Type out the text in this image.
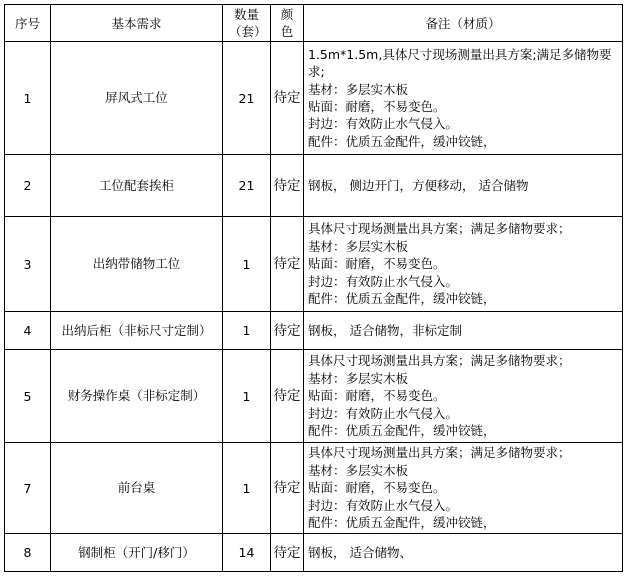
序号	基本需求	数量（套）	颜色	备注（材质）
1	屏风式工位	21	待定	1.5m*1.5m,具体尺寸现场测量出具方案;满足多储物要求;
基材：多层实木板
贴面：耐磨，不易变色。
封边：有效防止水气侵入。
配件：优质五金配件，缓冲铰链，

2	工位配套挨柜	21	待定	钢板， 侧边开门，方便移动， 适合储物

3	出纳带储物工位	1	待定	具体尺寸现场测量出具方案；满足多储物要求；
基材：多层实木板
贴面：耐磨，不易变色。
封边：有效防止水气侵入。
配件：优质五金配件，缓冲铰链，

4	出纳后柜（非标尺寸定制）	1	待定	钢板， 适合储物，非标定制

5	财务操作桌（非标定制）	1	待定	具体尺寸现场测量出具方案；满足多储物要求；
基材：多层实木板
贴面：耐磨，不易变色。
封边：有效防止水气侵入。
配件：优质五金配件，缓冲铰链，

7	前台桌	1	待定	具体尺寸现场测量出具方案；满足多储物要求；
基材：多层实木板
贴面：耐磨，不易变色。
封边：有效防止水气侵入。
配件：优质五金配件，缓冲铰链，

8	钢制柜（开门/移门）	14	待定	钢板， 适合储物、
